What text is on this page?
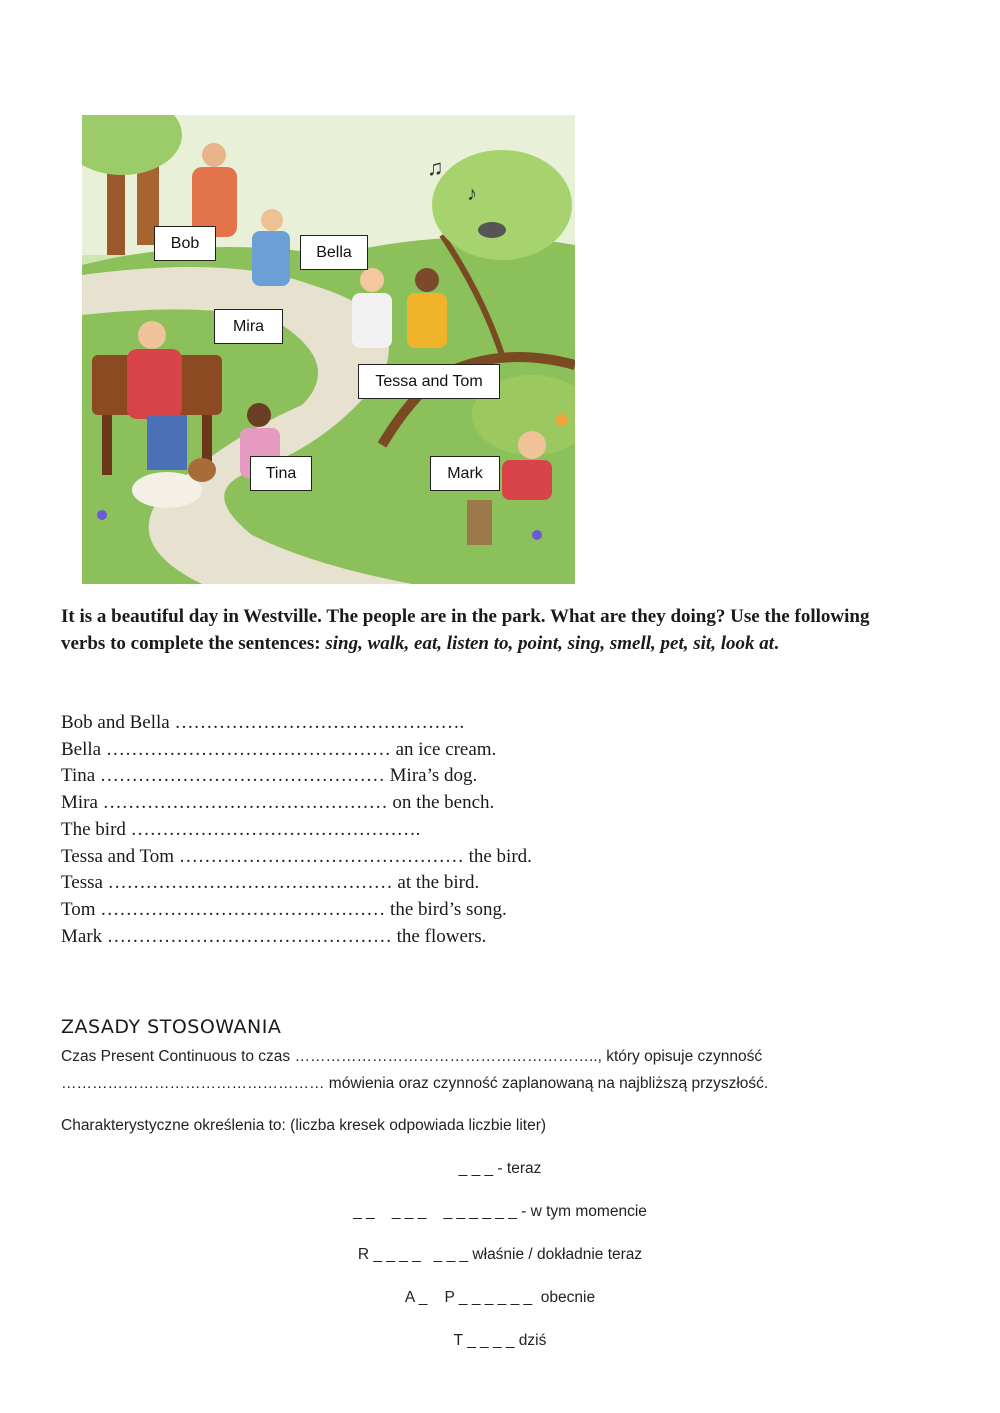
♫
♪
Bob
Bella
Mira
Tessa and Tom
Tina	Mark
It is a beautiful day in Westville. The people are in the park. What are they doing? Use the following verbs to complete the sentences: sing, walk, eat, listen to, point, sing, smell, pet, sit, look at.
Bob and Bella ……………………………………….
Bella ……………………………………… an ice cream.
Tina ……………………………………… Mira’s dog.
Mira ……………………………………… on the bench.
The bird ……………………………………….
Tessa and Tom ……………………………………… the bird.
Tessa ……………………………………… at the bird.
Tom ……………………………………… the bird’s song.
Mark ……………………………………… the flowers.
ZASADY STOSOWANIA
Czas Present Continuous to czas ………………………………………………….., który opisuje czynność
…………………………………………… mówienia oraz czynność zaplanowaną na najbliższą przyszłość.
Charakterystyczne określenia to: (liczba kresek odpowiada liczbie liter)
_ _ _ - teraz
_ _    _ _ _    _ _ _ _ _ _ - w tym momencie
R _ _ _ _   _ _ _ właśnie / dokładnie teraz
A _    P _ _ _ _ _ _  obecnie
T _ _ _ _ dziś
